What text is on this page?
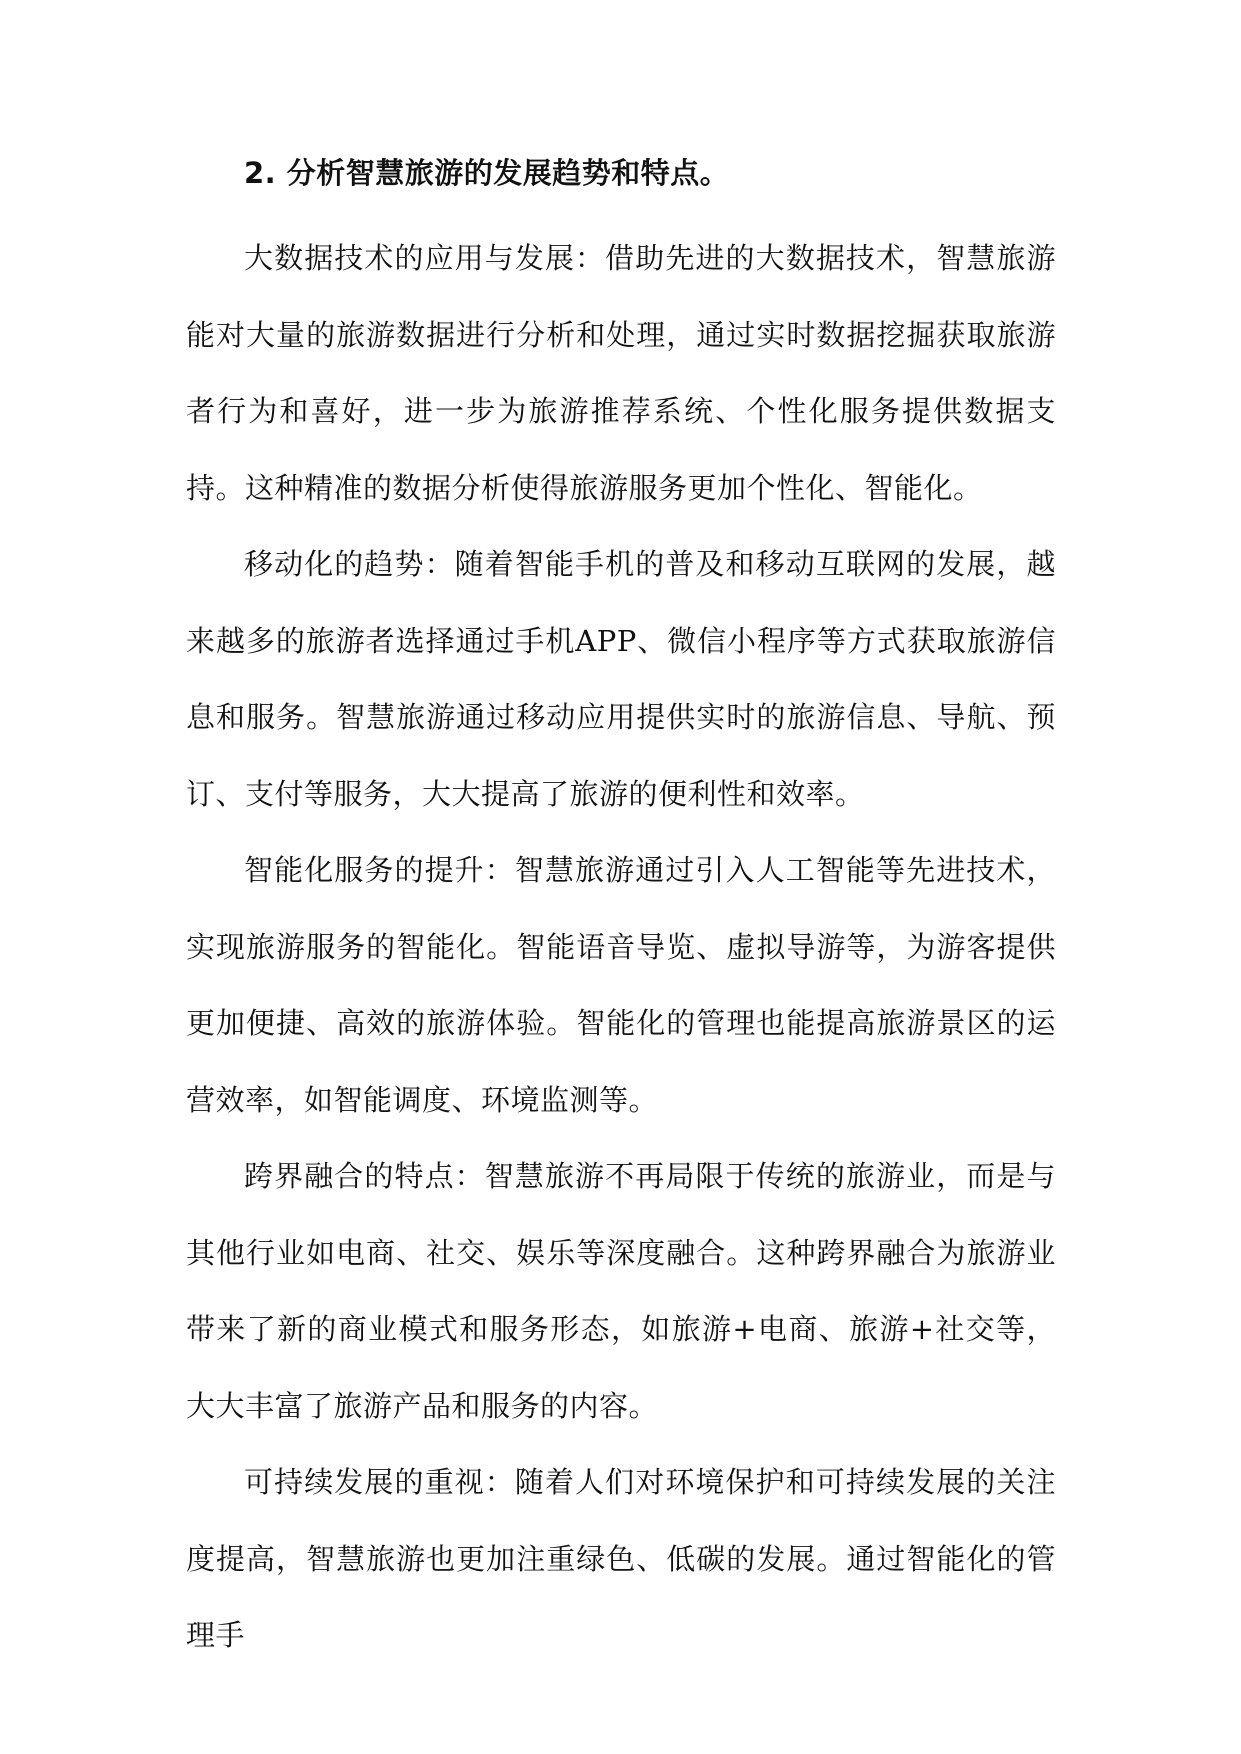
2. 分析智慧旅游的发展趋势和特点。

大数据技术的应用与发展：借助先进的大数据技术，智慧旅游能对大量的旅游数据进行分析和处理，通过实时数据挖掘获取旅游者行为和喜好，进一步为旅游推荐系统、个性化服务提供数据支持。这种精准的数据分析使得旅游服务更加个性化、智能化。

移动化的趋势：随着智能手机的普及和移动互联网的发展，越来越多的旅游者选择通过手机APP、微信小程序等方式获取旅游信息和服务。智慧旅游通过移动应用提供实时的旅游信息、导航、预订、支付等服务，大大提高了旅游的便利性和效率。

智能化服务的提升：智慧旅游通过引入人工智能等先进技术，实现旅游服务的智能化。智能语音导览、虚拟导游等，为游客提供更加便捷、高效的旅游体验。智能化的管理也能提高旅游景区的运营效率，如智能调度、环境监测等。

跨界融合的特点：智慧旅游不再局限于传统的旅游业，而是与其他行业如电商、社交、娱乐等深度融合。这种跨界融合为旅游业带来了新的商业模式和服务形态，如旅游+电商、旅游+社交等，大大丰富了旅游产品和服务的内容。

可持续发展的重视：随着人们对环境保护和可持续发展的关注度提高，智慧旅游也更加注重绿色、低碳的发展。通过智能化的管理手
